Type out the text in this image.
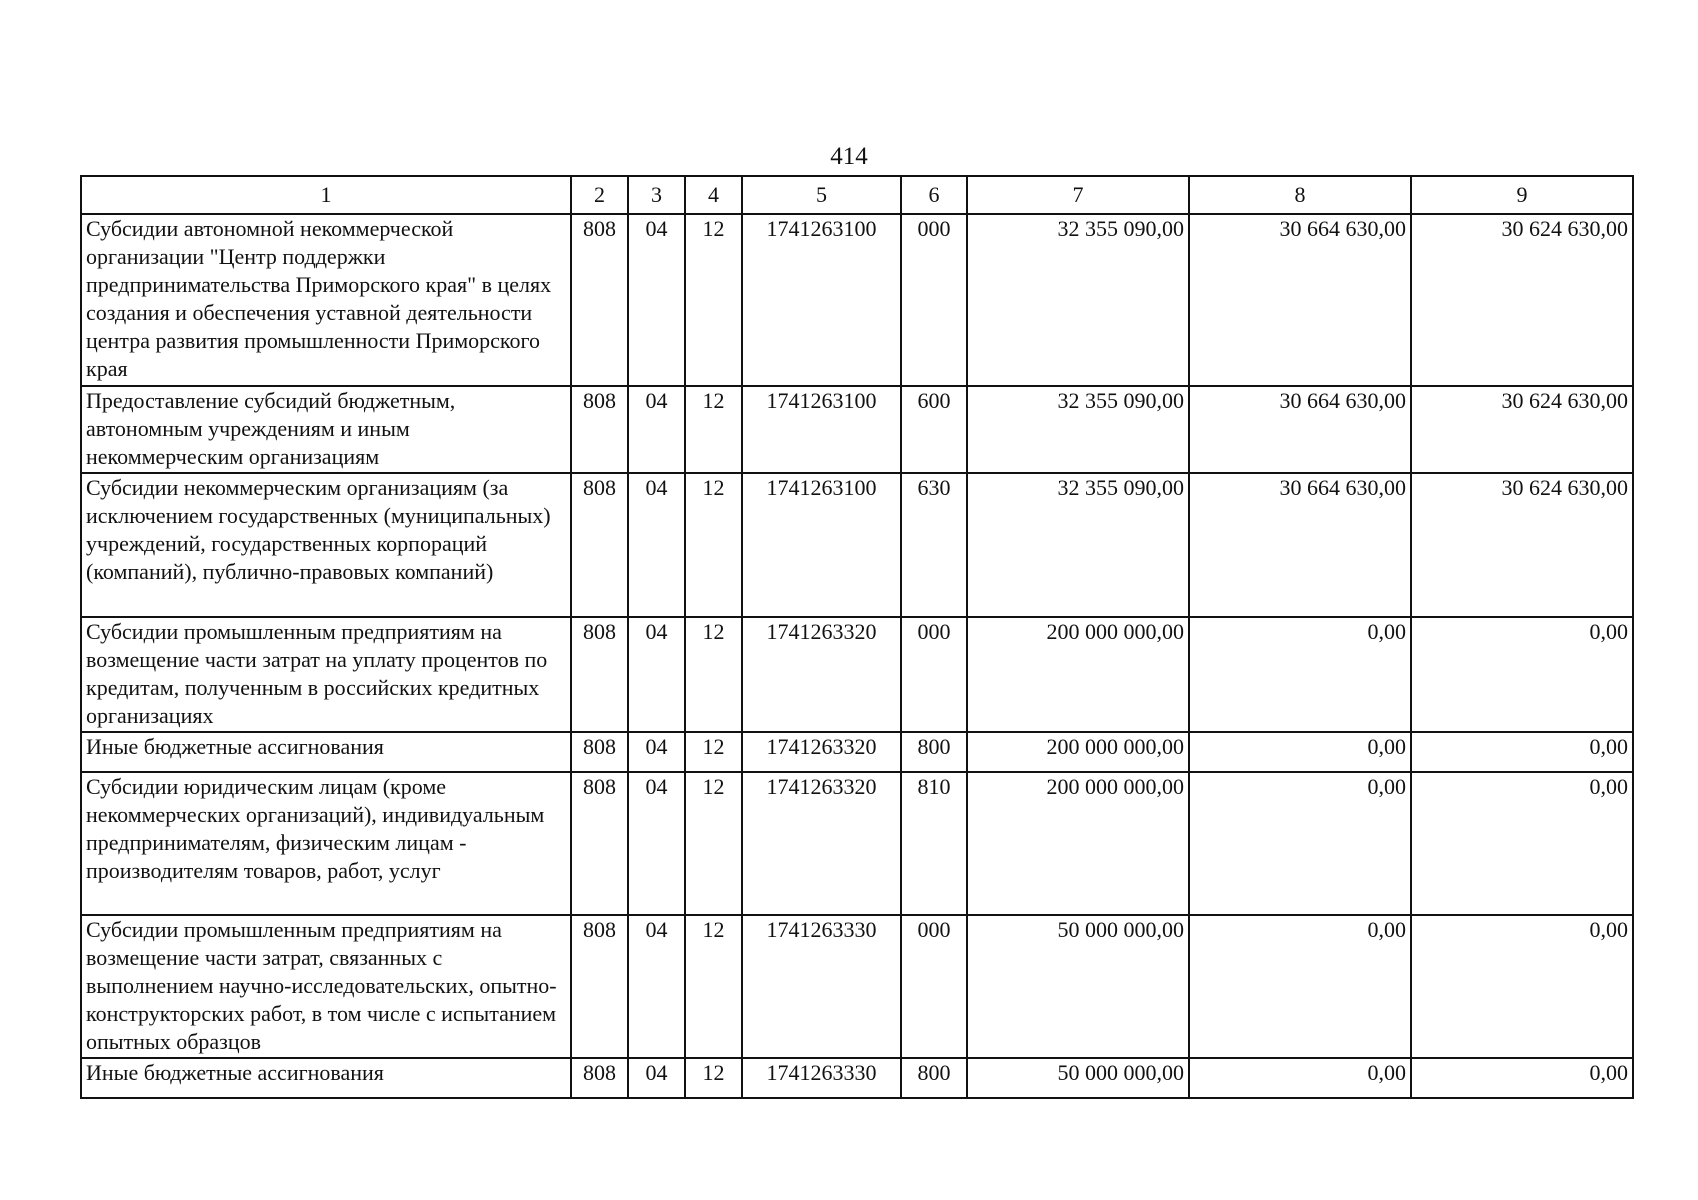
414
1	2	3	4	5	6	7	8	9
Субсидии автономной некоммерческой организации "Центр поддержки предпринимательства Приморского края" в целях создания и обеспечения уставной деятельности центра развития промышленности Приморского края	808	04	12	1741263100	000	32 355 090,00	30 664 630,00	30 624 630,00
Предоставление субсидий бюджетным, автономным учреждениям и иным некоммерческим организациям	808	04	12	1741263100	600	32 355 090,00	30 664 630,00	30 624 630,00
Субсидии некоммерческим организациям (за исключением государственных (муниципальных) учреждений, государственных корпораций (компаний), публично-правовых компаний)	808	04	12	1741263100	630	32 355 090,00	30 664 630,00	30 624 630,00
Субсидии промышленным предприятиям на возмещение части затрат на уплату процентов по кредитам, полученным в российских кредитных организациях	808	04	12	1741263320	000	200 000 000,00	0,00	0,00
Иные бюджетные ассигнования	808	04	12	1741263320	800	200 000 000,00	0,00	0,00
Субсидии юридическим лицам (кроме некоммерческих организаций), индивидуальным предпринимателям, физическим лицам - производителям товаров, работ, услуг	808	04	12	1741263320	810	200 000 000,00	0,00	0,00
Субсидии промышленным предприятиям на возмещение части затрат, связанных с выполнением научно-исследовательских, опытно-конструкторских работ, в том числе с испытанием опытных образцов	808	04	12	1741263330	000	50 000 000,00	0,00	0,00
Иные бюджетные ассигнования	808	04	12	1741263330	800	50 000 000,00	0,00	0,00
